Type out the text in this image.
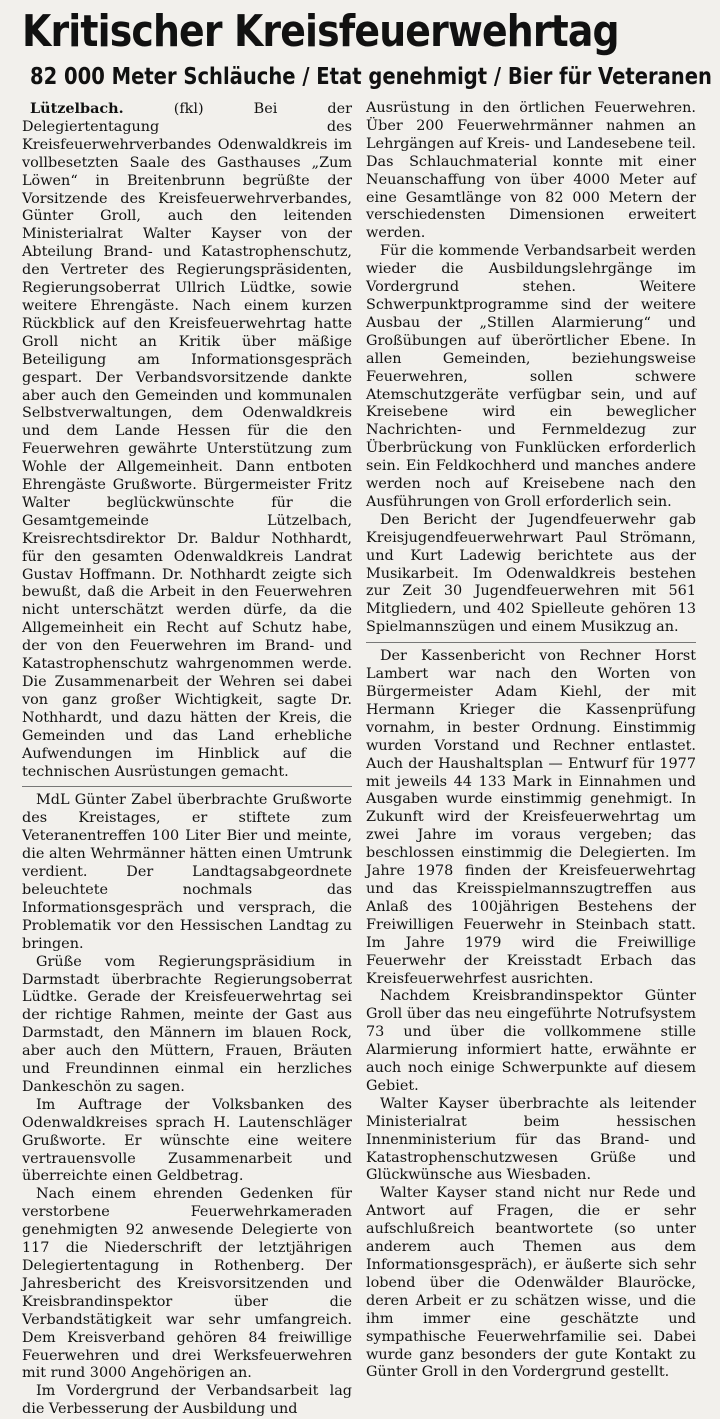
Kritischer Kreisfeuerwehrtag
82 000 Meter Schläuche / Etat genehmigt / Bier für Veteranen

Lützelbach.	(fkl) Bei der Delegiertentagung des Kreisfeuerwehrverbandes Odenwaldkreis im vollbesetzten Saale des Gasthauses „Zum Löwen“ in Breitenbrunn begrüßte der Vorsitzende des Kreisfeuerwehrverbandes, Günter Groll, auch den leitenden Ministerialrat Walter Kayser von der Abteilung Brand- und Katastrophenschutz, den Vertreter des Regierungspräsidenten, Regierungsoberrat Ullrich Lüdtke, sowie weitere Ehrengäste. Nach einem kurzen Rückblick auf den Kreisfeuerwehrtag hatte Groll nicht an Kritik über mäßige Beteiligung am Informationsgespräch gespart. Der Verbandsvorsitzende dankte aber auch den Gemeinden und kommunalen Selbstverwaltungen, dem Odenwaldkreis und dem Lande Hessen für die den Feuerwehren gewährte Unterstützung zum Wohle der Allgemeinheit. Dann entboten Ehrengäste Grußworte. Bürgermeister Fritz Walter beglückwünschte für die Gesamtgemeinde Lützelbach, Kreisrechtsdirektor Dr. Baldur Nothhardt, für den gesamten Odenwaldkreis Landrat Gustav Hoffmann. Dr. Nothhardt zeigte sich bewußt, daß die Arbeit in den Feuerwehren nicht unterschätzt werden dürfe, da die Allgemeinheit ein Recht auf Schutz habe, der von den Feuerwehren im Brand- und Katastrophenschutz wahrgenommen werde. Die Zusammenarbeit der Wehren sei dabei von ganz großer Wichtigkeit, sagte Dr. Nothhardt, und dazu hätten der Kreis, die Gemeinden und das Land erhebliche Aufwendungen im Hinblick auf die technischen Ausrüstungen gemacht.

MdL Günter Zabel überbrachte Grußworte des Kreistages, er stiftete zum Veteranentreffen 100 Liter Bier und meinte, die alten Wehrmänner hätten einen Umtrunk verdient. Der Landtagsabgeordnete beleuchtete nochmals das Informationsgespräch und versprach, die Problematik vor den Hessischen Landtag zu bringen.

Grüße vom Regierungspräsidium in Darmstadt überbrachte Regierungsoberrat Lüdtke. Gerade der Kreisfeuerwehrtag sei der richtige Rahmen, meinte der Gast aus Darmstadt, den Männern im blauen Rock, aber auch den Müttern, Frauen, Bräuten und Freundinnen einmal ein herzliches Dankeschön zu sagen.

Im Auftrage der Volksbanken des Odenwaldkreises sprach H. Lautenschläger Grußworte. Er wünschte eine weitere vertrauensvolle Zusammenarbeit und überreichte einen Geldbetrag.

Nach einem ehrenden Gedenken für verstorbene Feuerwehrkameraden genehmigten 92 anwesende Delegierte von 117 die Niederschrift der letztjährigen Delegiertentagung in Rothenberg. Der Jahresbericht des Kreisvorsitzenden und Kreisbrandinspektor über die Verbandstätigkeit war sehr umfangreich. Dem Kreisverband gehören 84 freiwillige Feuerwehren und drei Werksfeuerwehren mit rund 3000 Angehörigen an.

Im Vordergrund der Verbandsarbeit lag die Verbesserung der Ausbildung und

Ausrüstung in den örtlichen Feuerwehren. Über 200 Feuerwehrmänner nahmen an Lehrgängen auf Kreis- und Landesebene teil. Das Schlauchmaterial konnte mit einer Neuanschaffung von über 4000 Meter auf eine Gesamtlänge von 82 000 Metern der verschiedensten Dimensionen erweitert werden.

Für die kommende Verbandsarbeit werden wieder die Ausbildungslehrgänge im Vordergrund stehen. Weitere Schwerpunktprogramme sind der weitere Ausbau der „Stillen Alarmierung“ und Großübungen auf überörtlicher Ebene. In allen Gemeinden, beziehungsweise Feuerwehren, sollen schwere Atemschutzgeräte verfügbar sein, und auf Kreisebene wird ein beweglicher Nachrichten- und Fernmeldezug zur Überbrückung von Funklücken erforderlich sein. Ein Feldkochherd und manches andere werden noch auf Kreisebene nach den Ausführungen von Groll erforderlich sein.

Den Bericht der Jugendfeuerwehr gab Kreisjugendfeuerwehrwart Paul Strömann, und Kurt Ladewig berichtete aus der Musikarbeit. Im Odenwaldkreis bestehen zur Zeit 30 Jugendfeuerwehren mit 561 Mitgliedern, und 402 Spielleute gehören 13 Spielmannszügen und einem Musikzug an.

Der Kassenbericht von Rechner Horst Lambert war nach den Worten von Bürgermeister Adam Kiehl, der mit Hermann Krieger die Kassenprüfung vornahm, in bester Ordnung. Einstimmig wurden Vorstand und Rechner entlastet. Auch der Haushaltsplan — Entwurf für 1977 mit jeweils 44 133 Mark in Einnahmen und Ausgaben wurde einstimmig genehmigt. In Zukunft wird der Kreisfeuerwehrtag um zwei Jahre im voraus vergeben; das beschlossen einstimmig die Delegierten. Im Jahre 1978 finden der Kreisfeuerwehrtag und das Kreisspielmannszugtreffen aus Anlaß des 100jährigen Bestehens der Freiwilligen Feuerwehr in Steinbach statt. Im Jahre 1979 wird die Freiwillige Feuerwehr der Kreisstadt Erbach das Kreisfeuerwehrfest ausrichten.

Nachdem Kreisbrandinspektor Günter Groll über das neu eingeführte Notrufsystem 73 und über die vollkommene stille Alarmierung informiert hatte, erwähnte er auch noch einige Schwerpunkte auf diesem Gebiet.

Walter Kayser überbrachte als leitender Ministerialrat beim hessischen Innenministerium für das Brand- und Katastrophenschutzwesen Grüße und Glückwünsche aus Wiesbaden.

Walter Kayser stand nicht nur Rede und Antwort auf Fragen, die er sehr aufschlußreich beantwortete (so unter anderem auch Themen aus dem Informationsgespräch), er äußerte sich sehr lobend über die Odenwälder Blauröcke, deren Arbeit er zu schätzen wisse, und die ihm immer eine geschätzte und sympathische Feuerwehrfamilie sei. Dabei wurde ganz besonders der gute Kontakt zu Günter Groll in den Vordergrund gestellt.
